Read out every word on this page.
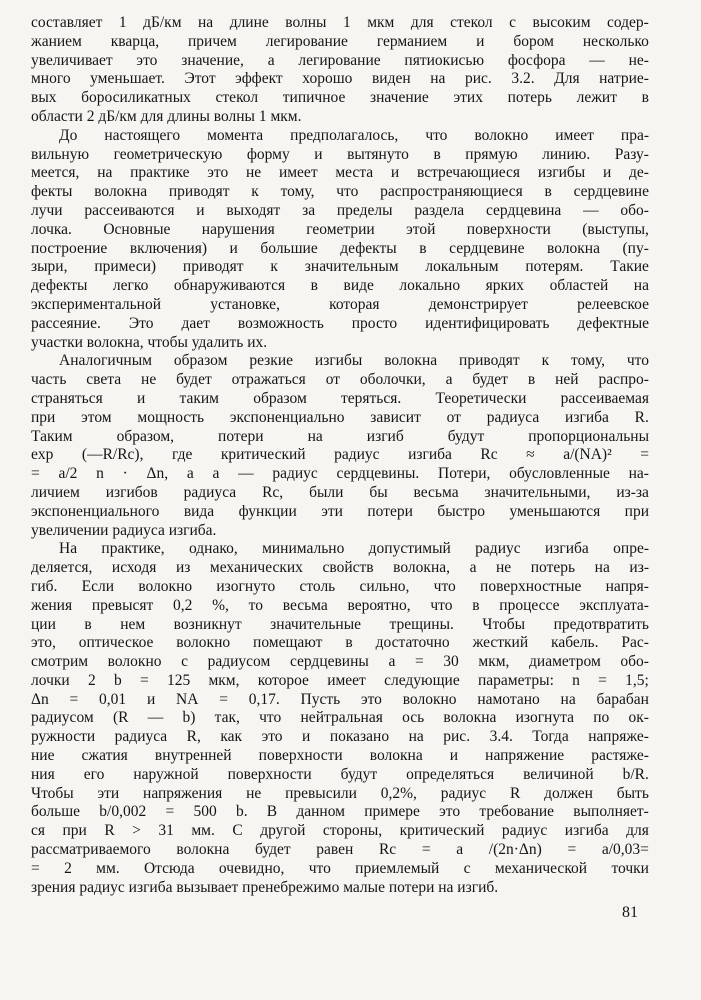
составляет 1 дБ/км на длине волны 1 мкм для стекол с высоким содер-
жанием кварца, причем легирование германием и бором несколько
увеличивает это значение, а легирование пятиокисью фосфора — не-
много уменьшает. Этот эффект хорошо виден на рис. 3.2. Для натрие-
вых боросиликатных стекол типичное значение этих потерь лежит в
области 2 дБ/км для длины волны 1 мкм.
До настоящего момента предполагалось, что волокно имеет пра-
вильную геометрическую форму и вытянуто в прямую линию. Разу-
меется, на практике это не имеет места и встречающиеся изгибы и де-
фекты волокна приводят к тому, что распространяющиеся в сердцевине
лучи рассеиваются и выходят за пределы раздела сердцевина — обо-
лочка. Основные нарушения геометрии этой поверхности (выступы,
построение включения) и большие дефекты в сердцевине волокна (пу-
зыри, примеси) приводят к значительным локальным потерям. Такие
дефекты легко обнаруживаются в виде локально ярких областей на
экспериментальной	установке,	которая	демонстрирует	релеевское
рассеяние. Это дает возможность просто идентифицировать дефектные
участки волокна, чтобы удалить их.
Аналогичным образом резкие изгибы волокна приводят к тому, что
часть света не будет отражаться от оболочки, а будет в ней распро-
страняться и таким образом теряться. Теоретически рассеиваемая
при этом мощность экспоненциально зависит от радиуса изгиба R.
Таким	образом,	потери	на	изгиб	будут	пропорциональны
exp (—R/Rc), где критический радиус изгиба Rc ≈ a/(NA)² =
= a/2 n · Δn, а a — радиус сердцевины. Потери, обусловленные на-
личием изгибов радиуса Rc, были бы весьма значительными, из-за
экспоненциального вида функции эти потери быстро уменьшаются при
увеличении радиуса изгиба.
На практике, однако, минимально допустимый радиус изгиба опре-
деляется, исходя из механических свойств волокна, а не потерь на из-
гиб. Если волокно изогнуто столь сильно, что поверхностные напря-
жения превысят 0,2 %, то весьма вероятно, что в процессе эксплуата-
ции в нем возникнут значительные трещины. Чтобы предотвратить
это, оптическое волокно помещают в достаточно жесткий кабель. Рас-
смотрим волокно с радиусом сердцевины a = 30 мкм, диаметром обо-
лочки 2 b = 125 мкм, которое имеет следующие параметры: n = 1,5;
Δn = 0,01 и NA = 0,17. Пусть это волокно намотано на барабан
радиусом (R — b) так, что нейтральная ось волокна изогнута по ок-
ружности радиуса R, как это и показано на рис. 3.4. Тогда напряже-
ние сжатия внутренней поверхности волокна и напряжение растяже-
ния его наружной поверхности будут определяться величиной b/R.
Чтобы эти напряжения не превысили 0,2%, радиус R должен быть
больше b/0,002 = 500 b. В данном примере это требование выполняет-
ся при R > 31 мм. С другой стороны, критический радиус изгиба для
рассматриваемого волокна будет равен Rc = a /(2n·Δn) = a/0,03=
= 2 мм. Отсюда очевидно, что приемлемый с механической точки
зрения радиус изгиба вызывает пренебрежимо малые потери на изгиб.
81
